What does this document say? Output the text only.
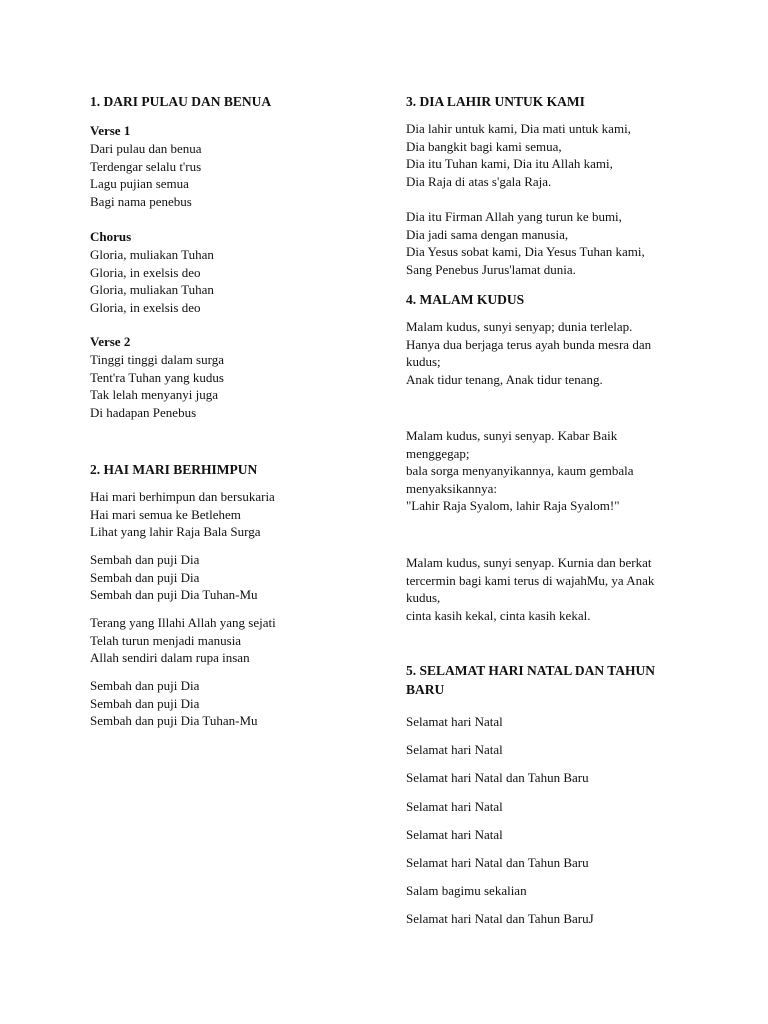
1. DARI PULAU DAN BENUA
Verse 1
Dari pulau dan benua
Terdengar selalu t'rus
Lagu pujian semua
Bagi nama penebus
Chorus
Gloria, muliakan Tuhan
Gloria, in exelsis deo
Gloria, muliakan Tuhan
Gloria, in exelsis deo
Verse 2
Tinggi tinggi dalam surga
Tent'ra Tuhan yang kudus
Tak lelah menyanyi juga
Di hadapan Penebus
2. HAI MARI BERHIMPUN
Hai mari berhimpun dan bersukaria
Hai mari semua ke Betlehem
Lihat yang lahir Raja Bala Surga
Sembah dan puji Dia
Sembah dan puji Dia
Sembah dan puji Dia Tuhan-Mu
Terang yang Illahi Allah yang sejati
Telah turun menjadi manusia
Allah sendiri dalam rupa insan
Sembah dan puji Dia
Sembah dan puji Dia
Sembah dan puji Dia Tuhan-Mu
3. DIA LAHIR UNTUK KAMI
Dia lahir untuk kami, Dia mati untuk kami,
Dia bangkit bagi kami semua,
Dia itu Tuhan kami, Dia itu Allah kami,
Dia Raja di atas s'gala Raja.
Dia itu Firman Allah yang turun ke bumi,
Dia jadi sama dengan manusia,
Dia Yesus sobat kami, Dia Yesus Tuhan kami,
Sang Penebus Jurus'lamat dunia.
4. MALAM KUDUS
Malam kudus, sunyi senyap; dunia terlelap.
Hanya dua berjaga terus ayah bunda mesra dan kudus;
Anak tidur tenang, Anak tidur tenang.
Malam kudus, sunyi senyap. Kabar Baik menggegap;
bala sorga menyanyikannya, kaum gembala menyaksikannya:
"Lahir Raja Syalom, lahir Raja Syalom!"
Malam kudus, sunyi senyap. Kurnia dan berkat tercermin bagi kami terus di wajahMu, ya Anak kudus,
cinta kasih kekal, cinta kasih kekal.
5. SELAMAT HARI NATAL DAN TAHUN BARU
Selamat hari Natal
Selamat hari Natal
Selamat hari Natal dan Tahun Baru
Selamat hari Natal
Selamat hari Natal
Selamat hari Natal dan Tahun Baru
Salam bagimu sekalian
Selamat hari Natal dan Tahun BaruJ
